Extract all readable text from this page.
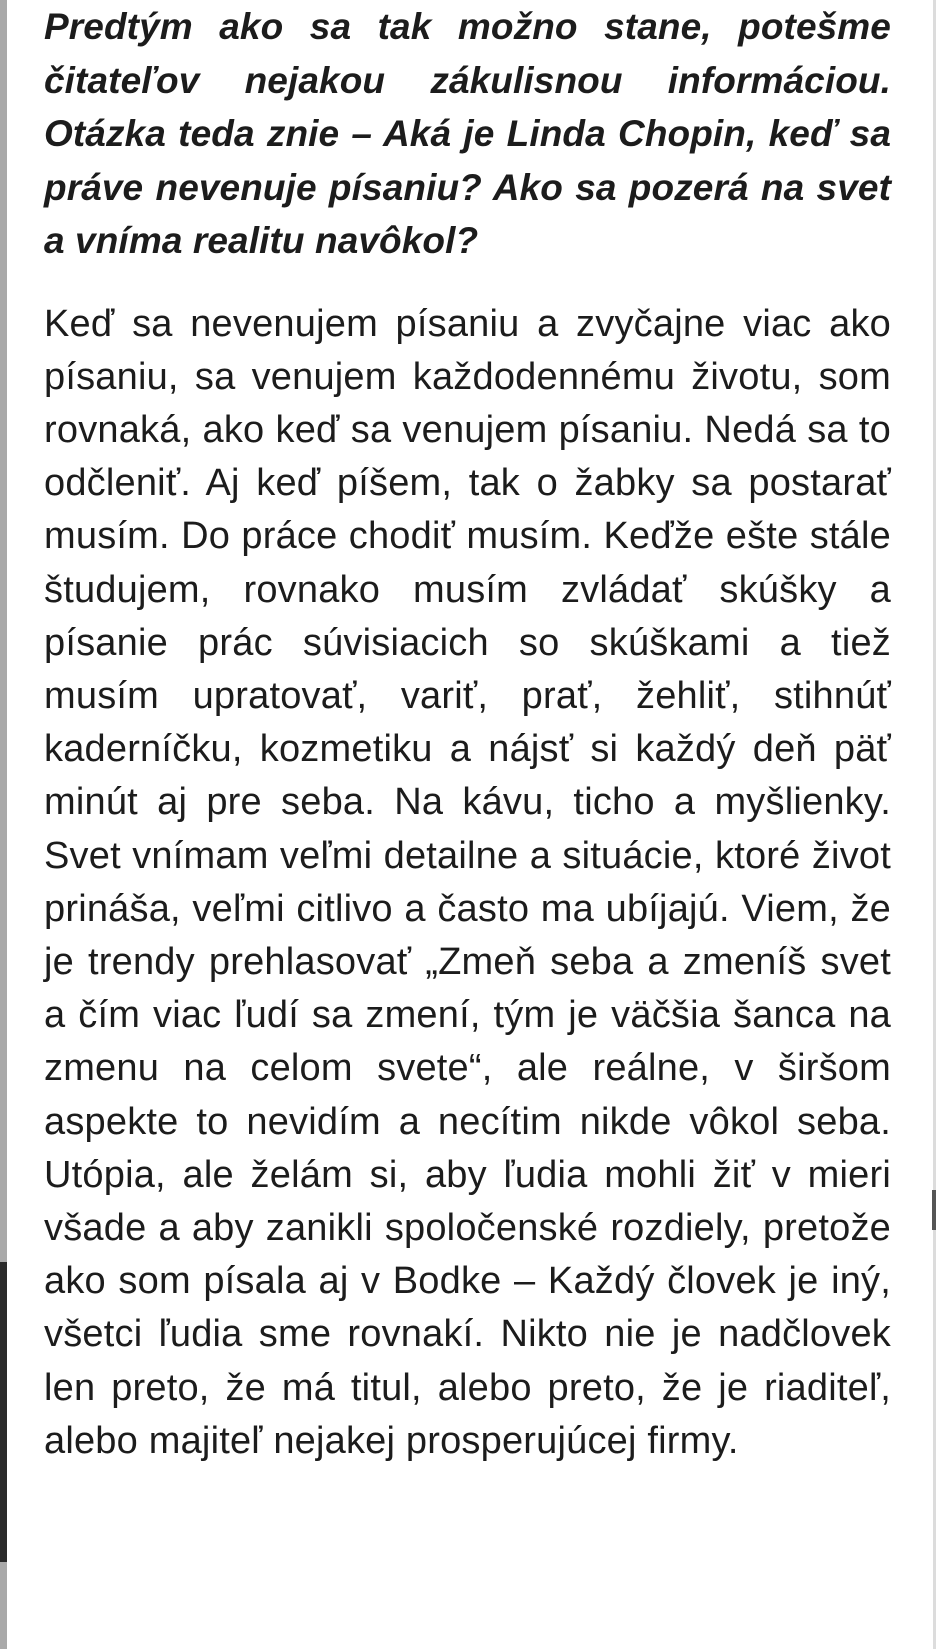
Predtým ako sa tak možno stane, potešme čitateľov nejakou zákulisnou informáciou. Otázka teda znie – Aká je Linda Chopin, keď sa práve nevenuje písaniu? Ako sa pozerá na svet a vníma realitu navôkol?

Keď sa nevenujem písaniu a zvyčajne viac ako písaniu, sa venujem každodennému životu, som rovnaká, ako keď sa venujem písaniu. Nedá sa to odčleniť. Aj keď píšem, tak o žabky sa postarať musím. Do práce chodiť musím. Keďže ešte stále študujem, rovnako musím zvládať skúšky a písanie prác súvisiacich so skúškami a tiež musím upratovať, variť, prať, žehliť, stihnúť kaderníčku, kozmetiku a nájsť si každý deň päť minút aj pre seba. Na kávu, ticho a myšlienky. Svet vnímam veľmi detailne a situácie, ktoré život prináša, veľmi citlivo a často ma ubíjajú. Viem, že je trendy prehlasovať „Zmeň seba a zmeníš svet a čím viac ľudí sa zmení, tým je väčšia šanca na zmenu na celom svete“, ale reálne, v širšom aspekte to nevidím a necítim nikde vôkol seba. Utópia, ale želám si, aby ľudia mohli žiť v mieri všade a aby zanikli spoločenské rozdiely, pretože ako som písala aj v Bodke – Každý človek je iný, všetci ľudia sme rovnakí. Nikto nie je nadčlovek len preto, že má titul, alebo preto, že je riaditeľ, alebo majiteľ nejakej prosperujúcej firmy.
